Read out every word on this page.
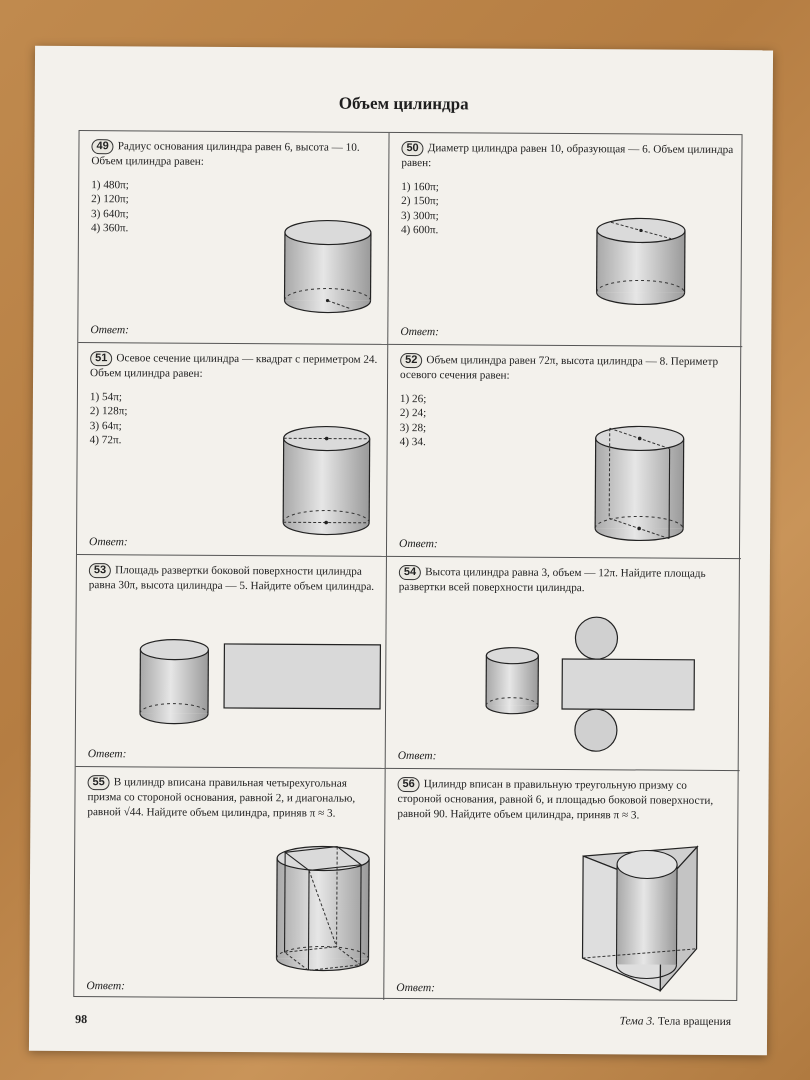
Объем цилиндра
49 Радиус основания цилиндра равен 6, высота — 10. Объем цилиндра равен:
1) 480π;
2) 120π;
3) 640π;
4) 360π.
Ответ:
50 Диаметр цилиндра равен 10, образующая — 6. Объем цилиндра равен:
1) 160π;
2) 150π;
3) 300π;
4) 600π.
Ответ:
51 Осевое сечение цилиндра — квадрат с периметром 24. Объем цилиндра равен:
1) 54π;
2) 128π;
3) 64π;
4) 72π.
Ответ:
52 Объем цилиндра равен 72π, высота цилиндра — 8. Периметр осевого сечения равен:
1) 26;
2) 24;
3) 28;
4) 34.
Ответ:
53 Площадь развертки боковой поверхности цилиндра равна 30π, высота цилиндра — 5. Найдите объем цилиндра.
Ответ:
54 Высота цилиндра равна 3, объем — 12π. Найдите площадь развертки всей поверхности цилиндра.
Ответ:
55 В цилиндр вписана правильная четырехугольная призма со стороной основания, равной 2, и диагональю, равной √44. Найдите объем цилиндра, приняв π ≈ 3.
Ответ:
56 Цилиндр вписан в правильную треугольную призму со стороной основания, равной 6, и площадью боковой поверхности, равной 90. Найдите объем цилиндра, приняв π ≈ 3.
Ответ:
98	Тема 3. Тела вращения
